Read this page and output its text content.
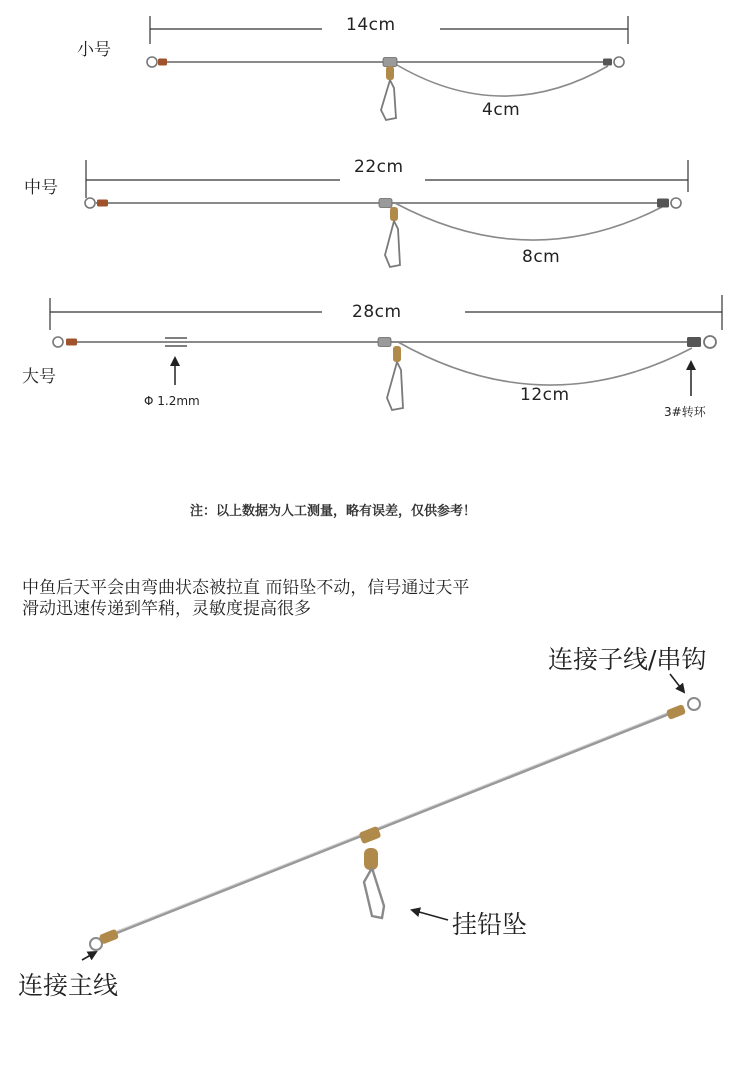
小号
14cm
4cm
中号
22cm
8cm
大号
28cm
12cm
Φ 1.2mm
3#转环
注：以上数据为人工测量，略有误差，仅供参考！
中鱼后天平会由弯曲状态被拉直 而铅坠不动，信号通过天平滑动迅速传递到竿稍，灵敏度提高很多
连接子线/串钩
挂铅坠
连接主线
